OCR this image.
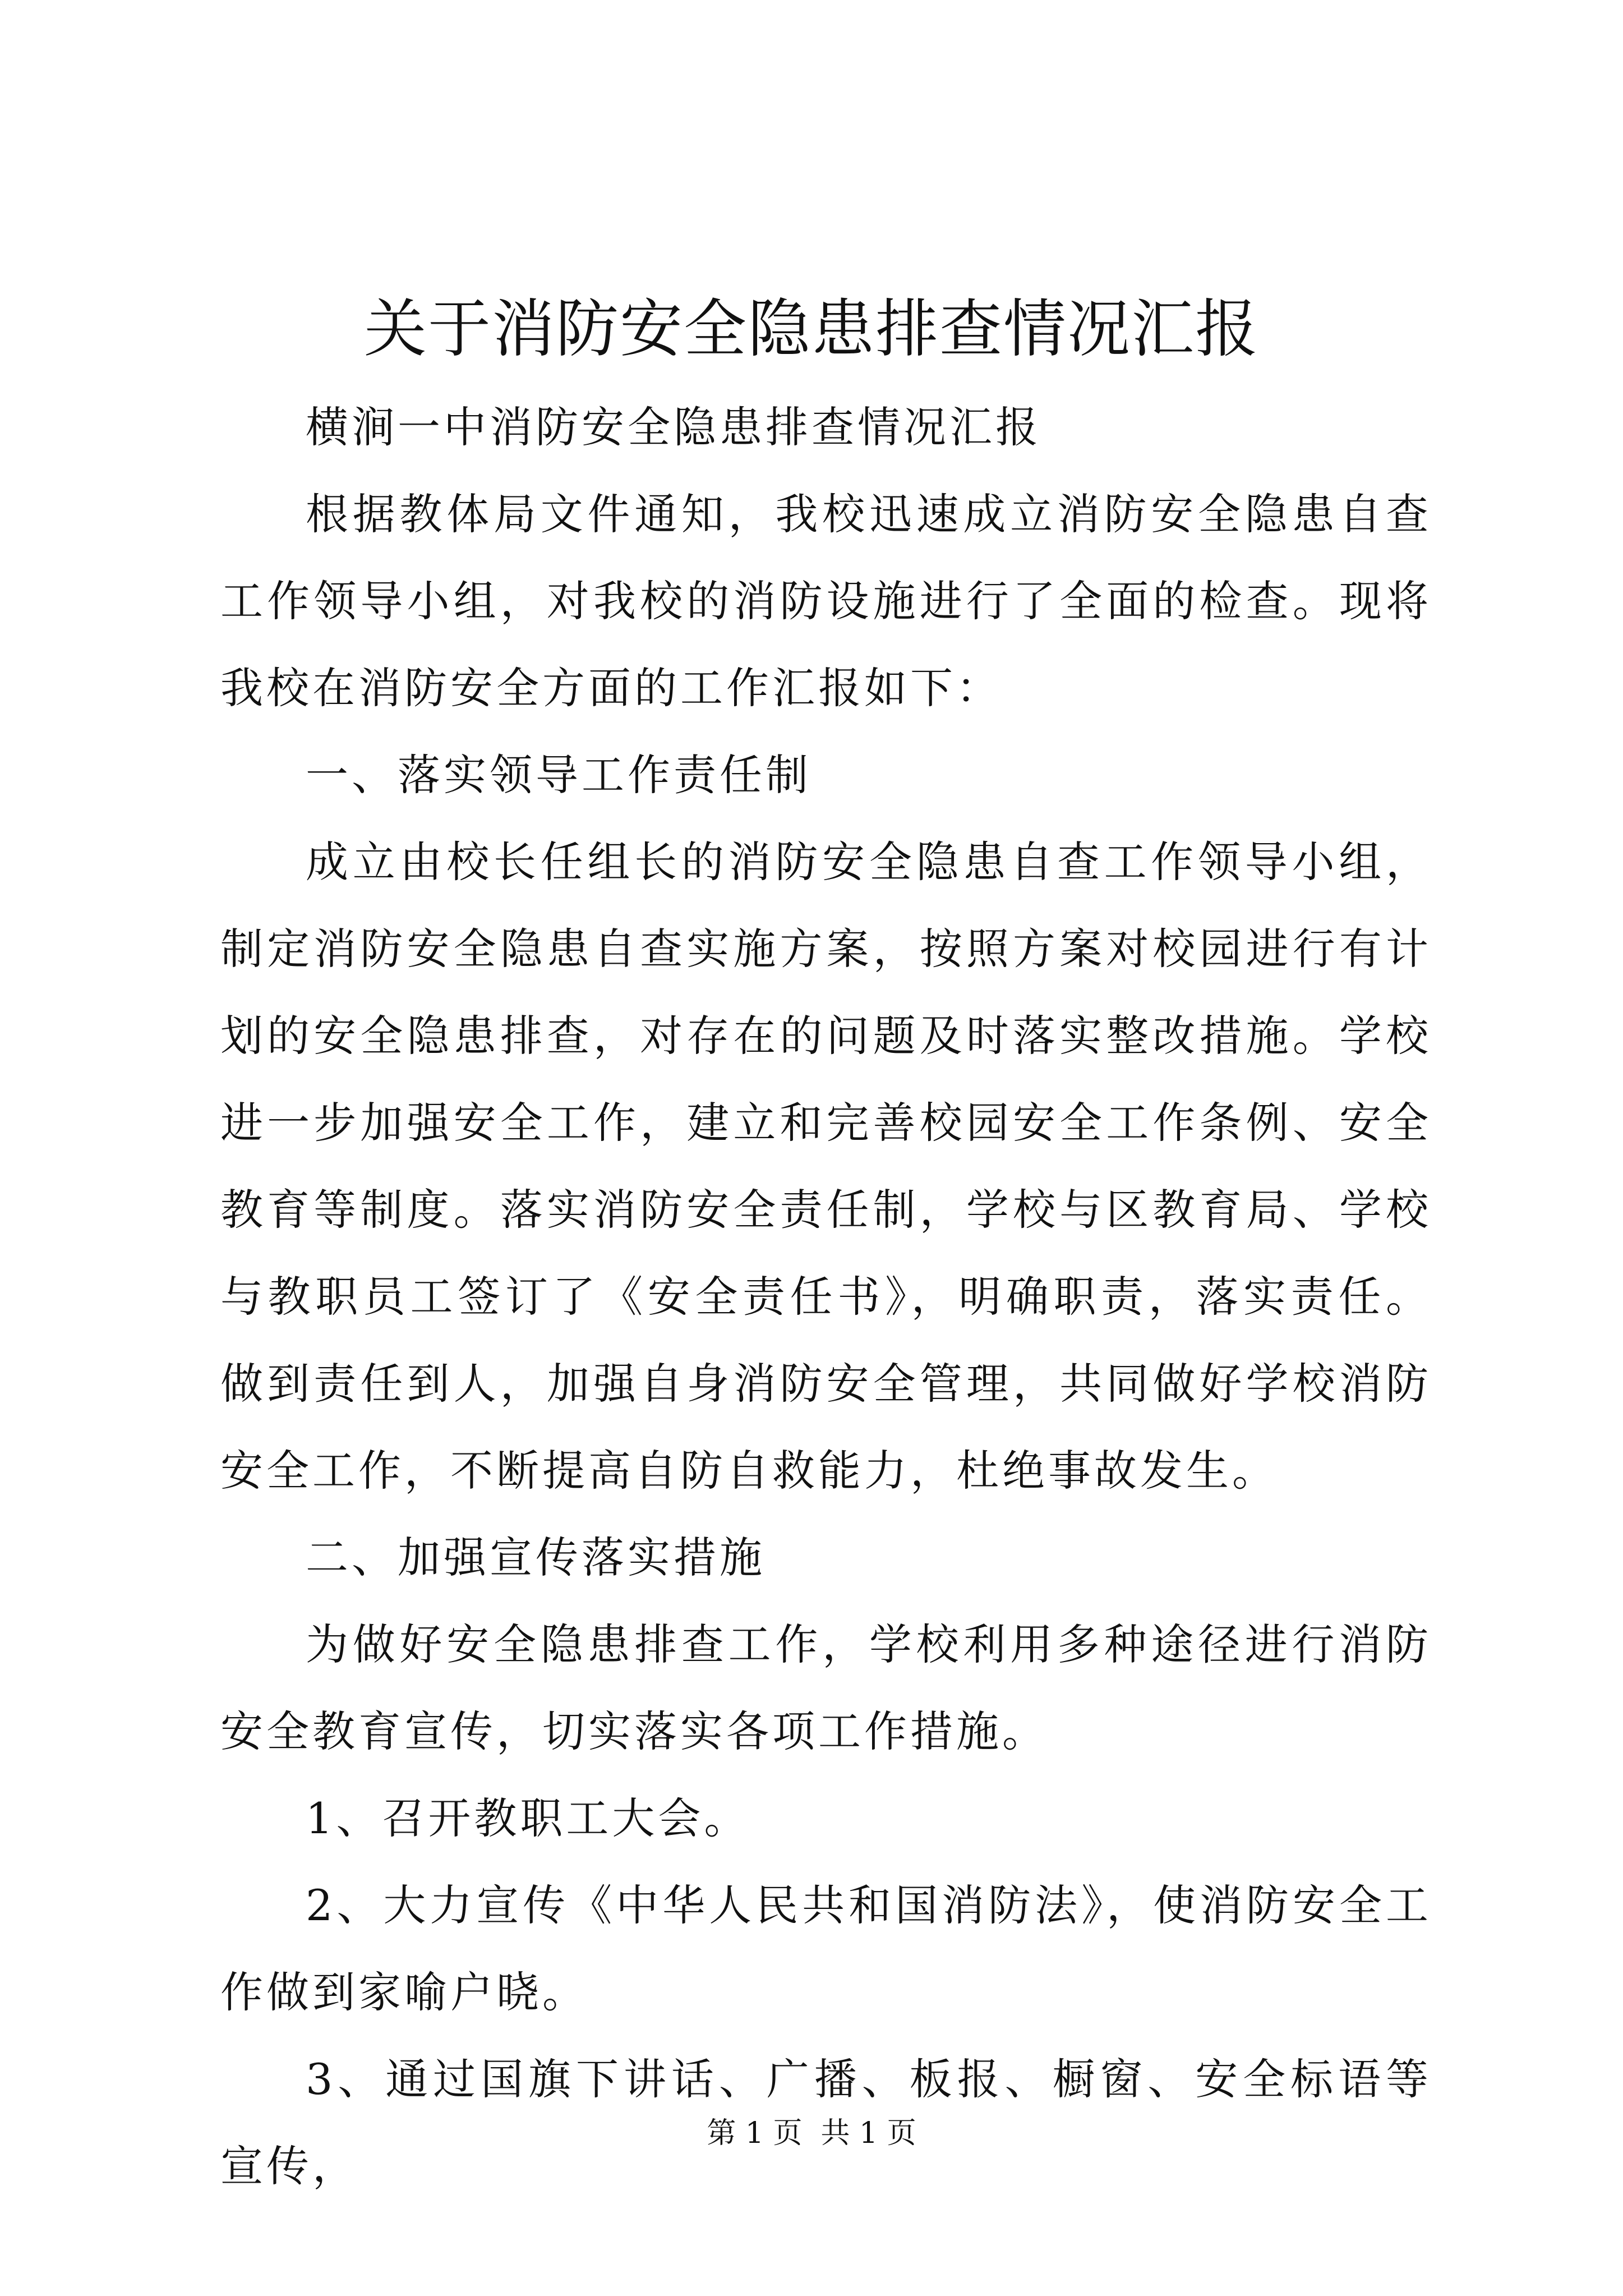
关于消防安全隐患排查情况汇报

横涧一中消防安全隐患排查情况汇报

根据教体局文件通知，我校迅速成立消防安全隐患自查工作领导小组，对我校的消防设施进行了全面的检查。现将我校在消防安全方面的工作汇报如下：

一、落实领导工作责任制

成立由校长任组长的消防安全隐患自查工作领导小组，制定消防安全隐患自查实施方案，按照方案对校园进行有计划的安全隐患排查，对存在的问题及时落实整改措施。学校进一步加强安全工作，建立和完善校园安全工作条例、安全教育等制度。落实消防安全责任制，学校与区教育局、学校与教职员工签订了《安全责任书》，明确职责，落实责任。做到责任到人，加强自身消防安全管理，共同做好学校消防安全工作，不断提高自防自救能力，杜绝事故发生。

二、加强宣传落实措施

为做好安全隐患排查工作，学校利用多种途径进行消防安全教育宣传，切实落实各项工作措施。

1、召开教职工大会。

2、大力宣传《中华人民共和国消防法》，使消防安全工作做到家喻户晓。

3、通过国旗下讲话、广播、板报、橱窗、安全标语等宣传，

第 1 页 共 1 页
